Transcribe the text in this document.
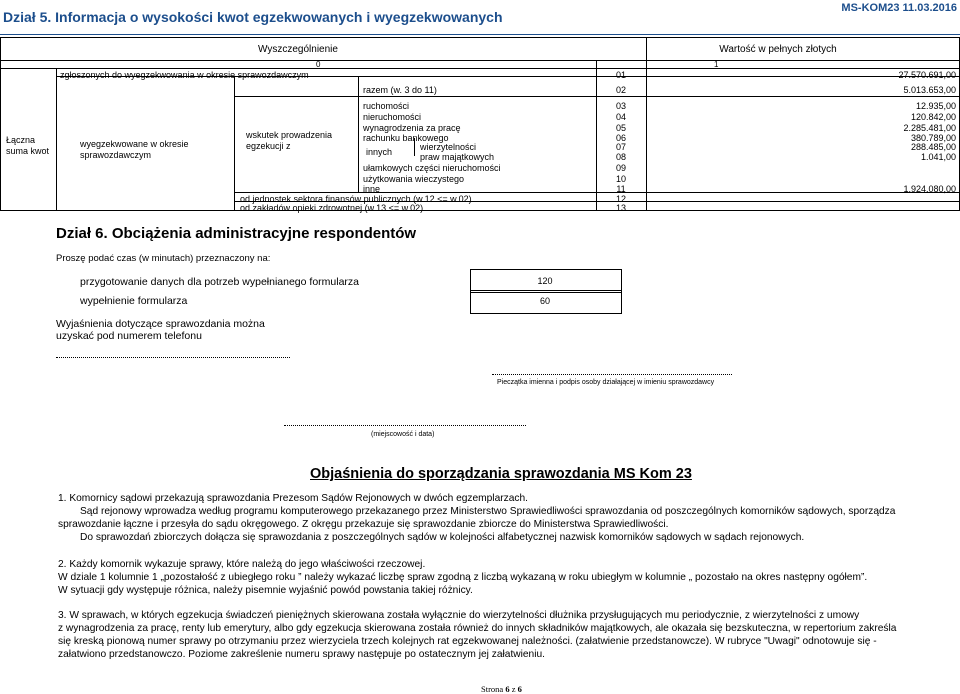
Dział 5. Informacja o wysokości kwot egzekwowanych i wyegzekwowanych
MS-KOM23 11.03.2016
Wyszczególnienie	Wartość w pełnych złotych
0	1
Łączna suma kwot
wyegzekwowane w okresie sprawozdawczym
wskutek prowadzenia egzekucji z
innych
zgłoszonych do wyegzekwowania w okresie sprawozdawczym	01	27.570.691,00
razem (w. 3 do 11)	02	5.013.653,00
ruchomości	03	12.935,00
nieruchomości	04	120.842,00
wynagrodzenia za pracę	05	2.285.481,00
rachunku bankowego	06	380.789,00
wierzytelności	07	288.485,00
praw majątkowych	08	1.041,00
ułamkowych części nieruchomości	09
użytkowania wieczystego	10
inne	11	1.924.080,00
od jednostek sektora finansów publicznych (w.12 <= w.02)	12
od zakładów opieki zdrowotnej (w.13 <= w.02)	13
Dział 6. Obciążenia administracyjne respondentów
Proszę podać czas (w minutach) przeznaczony na:
przygotowanie danych dla potrzeb wypełnianego formularza	120
wypełnienie formularza	60
Wyjaśnienia dotyczące sprawozdania można
uzyskać pod numerem telefonu
Pieczątka imienna i podpis osoby działającej w imieniu sprawozdawcy
(miejscowość i data)
Objaśnienia do sporządzania sprawozdania MS Kom 23
1. Komornicy sądowi przekazują sprawozdania Prezesom Sądów Rejonowych w dwóch egzemplarzach.
Sąd rejonowy wprowadza według programu komputerowego przekazanego przez Ministerstwo Sprawiedliwości sprawozdania od poszczególnych komorników sądowych, sporządza
sprawozdanie łączne i przesyła do sądu okręgowego. Z okręgu przekazuje się sprawozdanie zbiorcze do Ministerstwa Sprawiedliwości.
Do sprawozdań zbiorczych dołącza się sprawozdania z poszczególnych sądów w kolejności alfabetycznej nazwisk komorników sądowych w sądach rejonowych.
2. Każdy komornik wykazuje sprawy, które należą do jego właściwości rzeczowej.
W dziale 1 kolumnie 1 „pozostałość z ubiegłego roku ” należy wykazać liczbę spraw zgodną z liczbą wykazaną w roku ubiegłym w kolumnie „ pozostało na okres następny ogółem”.
W sytuacji gdy występuje różnica, należy pisemnie wyjaśnić powód powstania takiej różnicy.
3. W sprawach, w których egzekucja świadczeń pieniężnych skierowana została wyłącznie do wierzytelności dłużnika przysługujących mu periodycznie, z wierzytelności z umowy
z wynagrodzenia za pracę, renty lub emerytury, albo gdy egzekucja skierowana została również do innych składników majątkowych, ale okazała się bezskuteczna, w repertorium zakreśla
się kreską pionową numer sprawy po otrzymaniu przez wierzyciela trzech kolejnych rat egzekwowanej należności. (załatwienie przedstanowcze). W rubryce "Uwagi" odnotowuje się -
załatwiono przedstanowczo. Poziome zakreślenie numeru sprawy następuje po ostatecznym jej załatwieniu.
Strona 6 z 6
